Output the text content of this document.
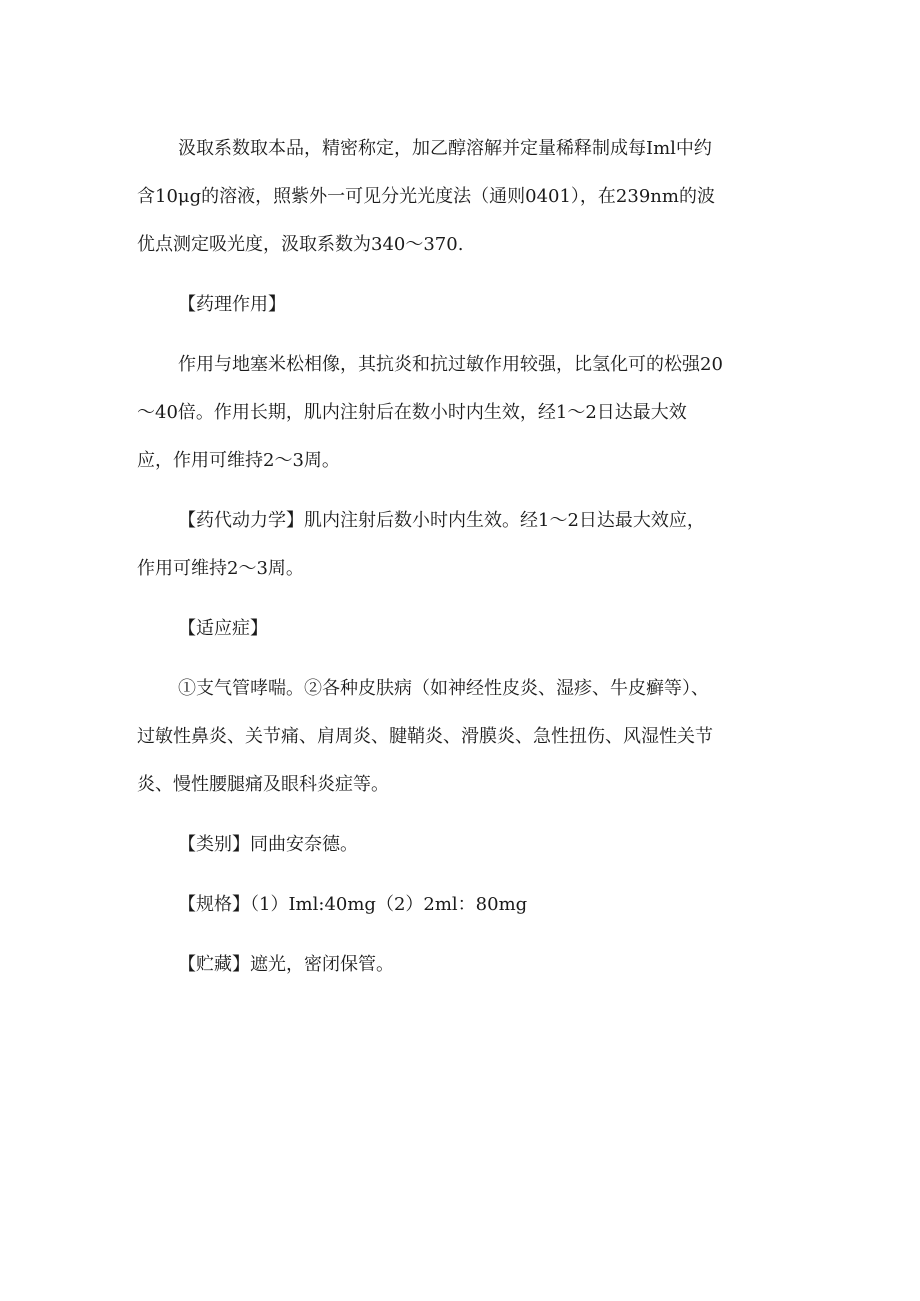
汲取系数取本品，精密称定，加乙醇溶解并定量稀释制成每Iml中约
含10μg的溶液，照紫外一可见分光光度法（通则0401），在239nm的波
优点测定吸光度，汲取系数为340～370.
【药理作用】
作用与地塞米松相像，其抗炎和抗过敏作用较强，比氢化可的松强20
～40倍。作用长期，肌内注射后在数小时内生效，经1～2日达最大效
应，作用可维持2～3周。
【药代动力学】肌内注射后数小时内生效。经1～2日达最大效应，
作用可维持2～3周。
【适应症】
①支气管哮喘。②各种皮肤病（如神经性皮炎、湿疹、牛皮癣等）、
过敏性鼻炎、关节痛、肩周炎、腱鞘炎、滑膜炎、急性扭伤、风湿性关节
炎、慢性腰腿痛及眼科炎症等。
【类别】同曲安奈德。
【规格】（1）Iml:40mg（2）2ml：80mg
【贮藏】遮光，密闭保管。
